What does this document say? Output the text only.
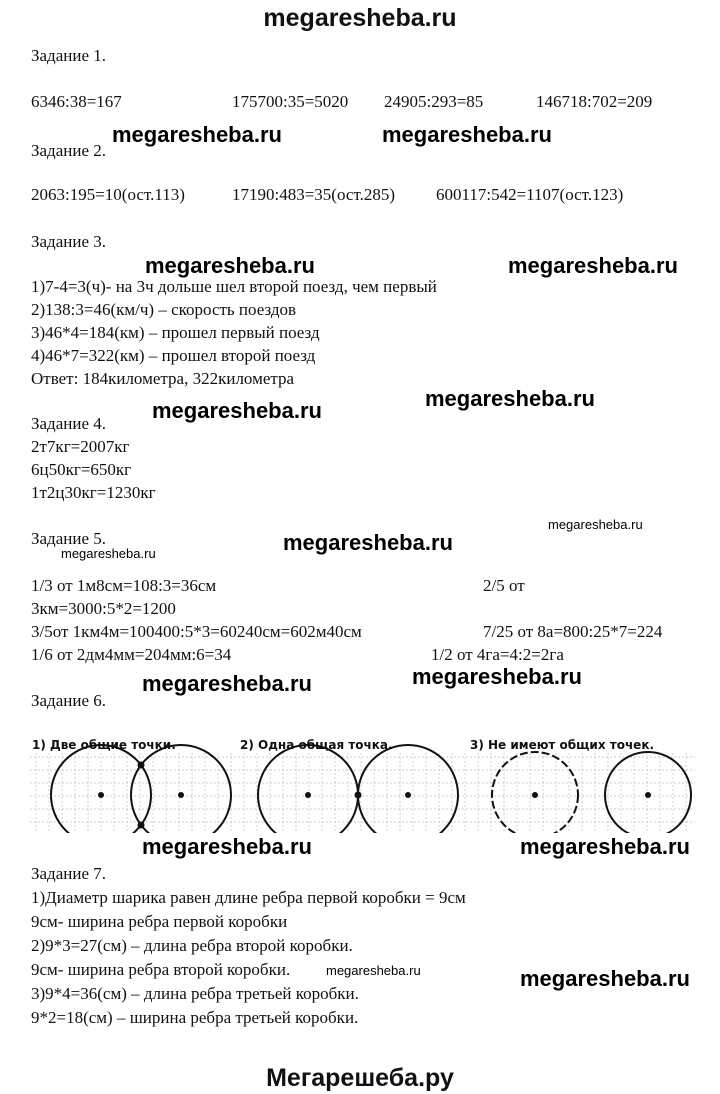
megaresheba.ru
Задание 1.
6346:38=167	175700:35=5020 24905:293=85	146718:702=209
megaresheba.ru	megaresheba.ru
Задание 2.
2063:195=10(ост.113)	17190:483=35(ост.285) 600117:542=1107(ост.123)
Задание 3.
megaresheba.ru	megaresheba.ru
1)7-4=3(ч)- на 3ч дольше шел второй поезд, чем первый
2)138:3=46(км/ч) – скорость поездов
3)46*4=184(км) – прошел первый поезд
4)46*7=322(км) – прошел второй поезд
Ответ: 184километра, 322километра
megaresheba.ru
megaresheba.ru
Задание 4.
2т7кг=2007кг
6ц50кг=650кг
1т2ц30кг=1230кг
megaresheba.ru
Задание 5.	megaresheba.ru
megaresheba.ru
1/3 от 1м8см=108:3=36см	2/5 от
3км=3000:5*2=1200
3/5от 1км4м=100400:5*3=60240см=602м40см	7/25 от 8а=800:25*7=224
1/6 от 2дм4мм=204мм:6=34	1/2 от 4га=4:2=2га
megaresheba.ru
megaresheba.ru
Задание 6.
1) Две общие точки.	2) Одна общая точка.	3) Не имеют общих точек.
megaresheba.ru	megaresheba.ru
Задание 7.
1)Диаметр шарика равен длине ребра первой коробки = 9см
9см- ширина ребра первой коробки
2)9*3=27(см) – длина ребра второй коробки.
9см- ширина ребра второй коробки.	megaresheba.ru	megaresheba.ru
3)9*4=36(см) – длина ребра третьей коробки.
9*2=18(см) – ширина ребра третьей коробки.
Мегарешеба.ру
